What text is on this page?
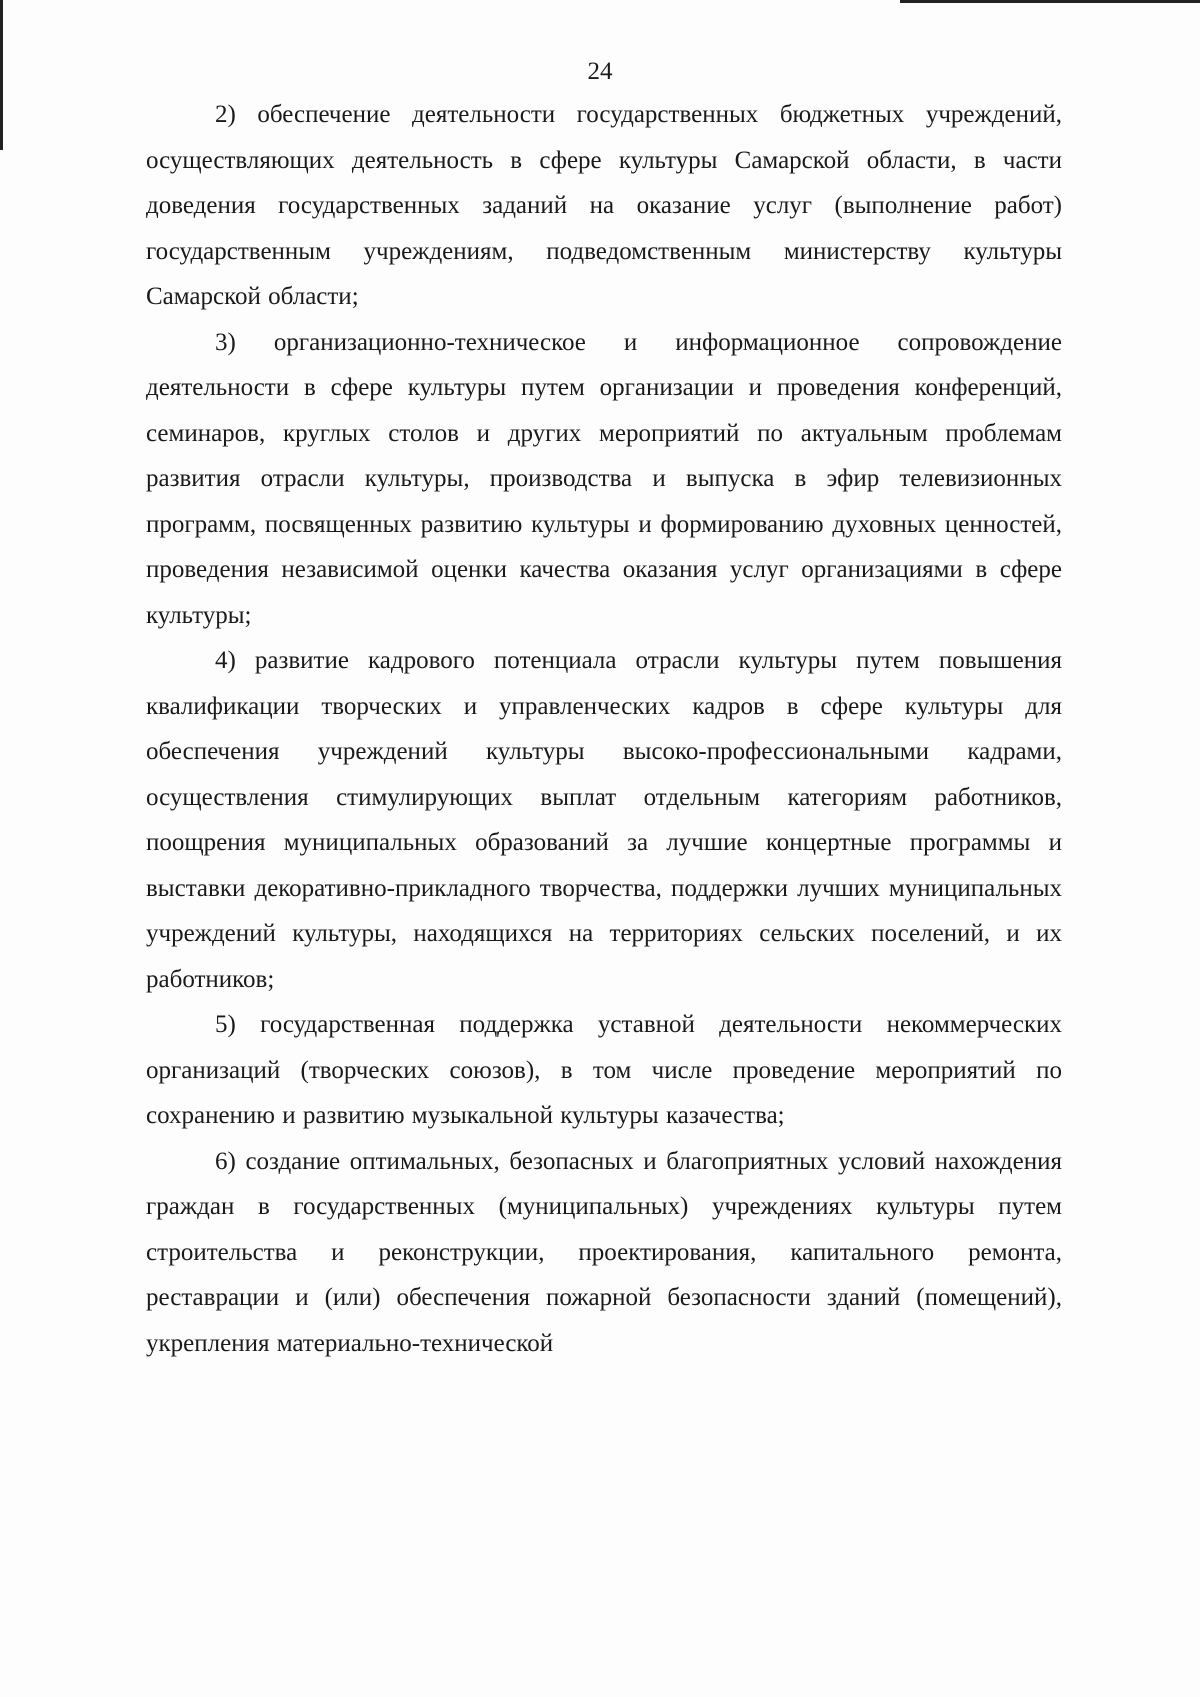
24

2) обеспечение деятельности государственных бюджетных учреждений, осуществляющих деятельность в сфере культуры Самарской области, в части доведения государственных заданий на оказание услуг (выполнение работ) государственным учреждениям, подведомственным министерству культуры Самарской области;

3) организационно-техническое и информационное сопровождение деятельности в сфере культуры путем организации и проведения конференций, семинаров, круглых столов и других мероприятий по актуальным проблемам развития отрасли культуры, производства и выпуска в эфир телевизионных программ, посвященных развитию культуры и формированию духовных ценностей, проведения независимой оценки качества оказания услуг организациями в сфере культуры;

4) развитие кадрового потенциала отрасли культуры путем повышения квалификации творческих и управленческих кадров в сфере культуры для обеспечения учреждений культуры высоко-профессиональными кадрами, осуществления стимулирующих выплат отдельным категориям работников, поощрения муниципальных образований за лучшие концертные программы и выставки декоративно-прикладного творчества, поддержки лучших муниципальных учреждений культуры, находящихся на территориях сельских поселений, и их работников;

5) государственная поддержка уставной деятельности некоммерческих организаций (творческих союзов), в том числе проведение мероприятий по сохранению и развитию музыкальной культуры казачества;

6) создание оптимальных, безопасных и благоприятных условий нахождения граждан в государственных (муниципальных) учреждениях культуры путем строительства и реконструкции, проектирования, капитального ремонта, реставрации и (или) обеспечения пожарной безопасности зданий (помещений), укрепления материально-технической
